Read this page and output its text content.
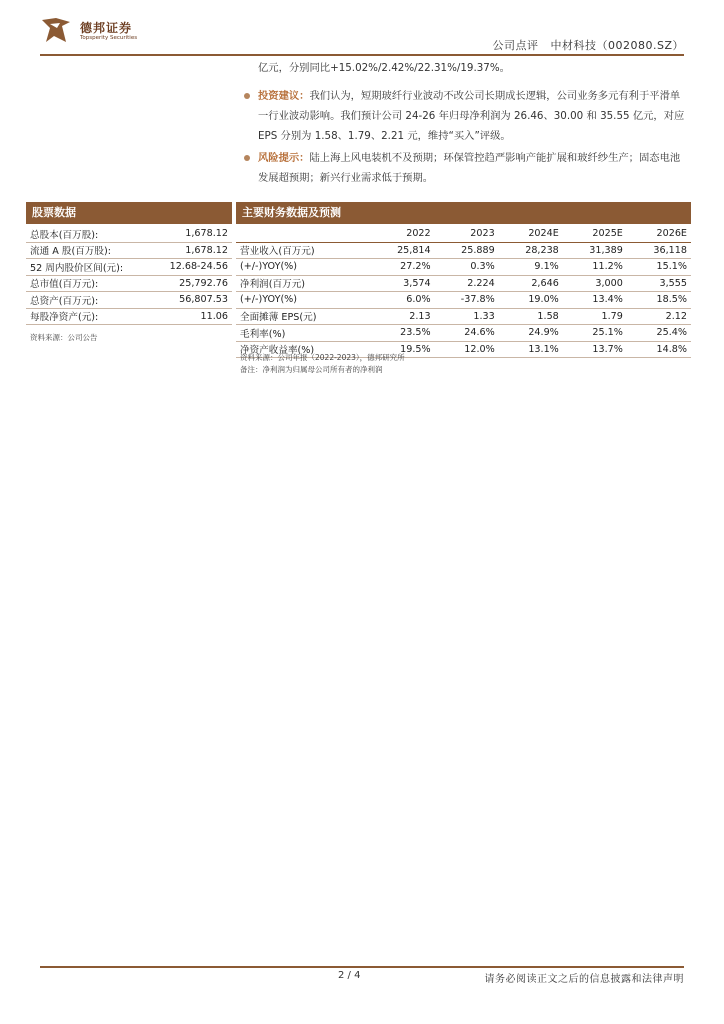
德邦证券
Topsperity Securities
公司点评 中材科技（002080.SZ）
亿元，分别同比+15.02%/2.42%/22.31%/19.37%。
投资建议：我们认为，短期玻纤行业波动不改公司长期成长逻辑，公司业务多元有利于平滑单一行业波动影响。我们预计公司 24-26 年归母净利润为 26.46、30.00 和 35.55 亿元，对应 EPS 分别为 1.58、1.79、2.21 元，维持“买入”评级。
风险提示：陆上海上风电装机不及预期；环保管控趋严影响产能扩展和玻纤纱生产；固态电池发展超预期；新兴行业需求低于预期。
股票数据
总股本(百万股):	1,678.12
流通 A 股(百万股):	1,678.12
52 周内股价区间(元):	12.68-24.56
总市值(百万元):	25,792.76
总资产(百万元):	56,807.53
每股净资产(元):	11.06
资料来源：公司公告
主要财务数据及预测
	2022	2023	2024E	2025E	2026E
营业收入(百万元)	25,814	25.889	28,238	31,389	36,118
(+/-)YOY(%)	27.2%	0.3%	9.1%	11.2%	15.1%
净利润(百万元)	3,574	2.224	2,646	3,000	3,555
(+/-)YOY(%)	6.0%	-37.8%	19.0%	13.4%	18.5%
全面摊薄 EPS(元)	2.13	1.33	1.58	1.79	2.12
毛利率(%)	23.5%	24.6%	24.9%	25.1%	25.4%
净资产收益率(%)	19.5%	12.0%	13.1%	13.7%	14.8%
资料来源：公司年报（2022-2023），德邦研究所
备注：净利润为归属母公司所有者的净利润
2 / 4	请务必阅读正文之后的信息披露和法律声明
